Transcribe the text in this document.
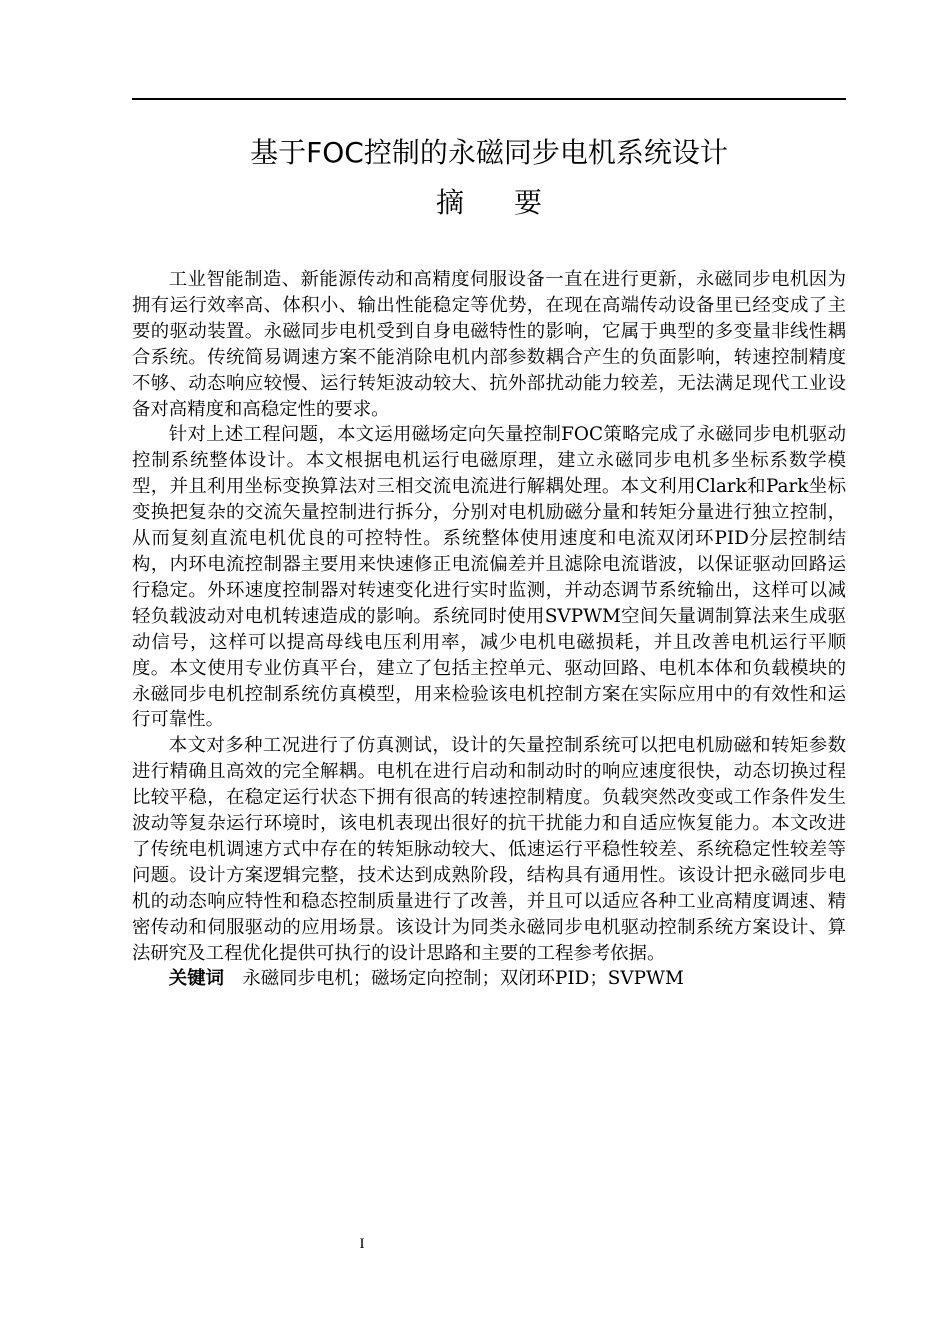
基于FOC控制的永磁同步电机系统设计
摘要

工业智能制造、新能源传动和高精度伺服设备一直在进行更新，永磁同步电机因为拥有运行效率高、体积小、输出性能稳定等优势，在现在高端传动设备里已经变成了主要的驱动装置。永磁同步电机受到自身电磁特性的影响，它属于典型的多变量非线性耦合系统。传统简易调速方案不能消除电机内部参数耦合产生的负面影响，转速控制精度不够、动态响应较慢、运行转矩波动较大、抗外部扰动能力较差，无法满足现代工业设备对高精度和高稳定性的要求。

针对上述工程问题，本文运用磁场定向矢量控制FOC策略完成了永磁同步电机驱动控制系统整体设计。本文根据电机运行电磁原理，建立永磁同步电机多坐标系数学模型，并且利用坐标变换算法对三相交流电流进行解耦处理。本文利用Clark和Park坐标变换把复杂的交流矢量控制进行拆分，分别对电机励磁分量和转矩分量进行独立控制，从而复刻直流电机优良的可控特性。系统整体使用速度和电流双闭环PID分层控制结构，内环电流控制器主要用来快速修正电流偏差并且滤除电流谐波，以保证驱动回路运行稳定。外环速度控制器对转速变化进行实时监测，并动态调节系统输出，这样可以减轻负载波动对电机转速造成的影响。系统同时使用SVPWM空间矢量调制算法来生成驱动信号，这样可以提高母线电压利用率，减少电机电磁损耗，并且改善电机运行平顺度。本文使用专业仿真平台，建立了包括主控单元、驱动回路、电机本体和负载模块的永磁同步电机控制系统仿真模型，用来检验该电机控制方案在实际应用中的有效性和运行可靠性。

本文对多种工况进行了仿真测试，设计的矢量控制系统可以把电机励磁和转矩参数进行精确且高效的完全解耦。电机在进行启动和制动时的响应速度很快，动态切换过程比较平稳，在稳定运行状态下拥有很高的转速控制精度。负载突然改变或工作条件发生波动等复杂运行环境时，该电机表现出很好的抗干扰能力和自适应恢复能力。本文改进了传统电机调速方式中存在的转矩脉动较大、低速运行平稳性较差、系统稳定性较差等问题。设计方案逻辑完整，技术达到成熟阶段，结构具有通用性。该设计把永磁同步电机的动态响应特性和稳态控制质量进行了改善，并且可以适应各种工业高精度调速、精密传动和伺服驱动的应用场景。该设计为同类永磁同步电机驱动控制系统方案设计、算法研究及工程优化提供可执行的设计思路和主要的工程参考依据。

关键词 永磁同步电机；磁场定向控制；双闭环PID；SVPWM

I
